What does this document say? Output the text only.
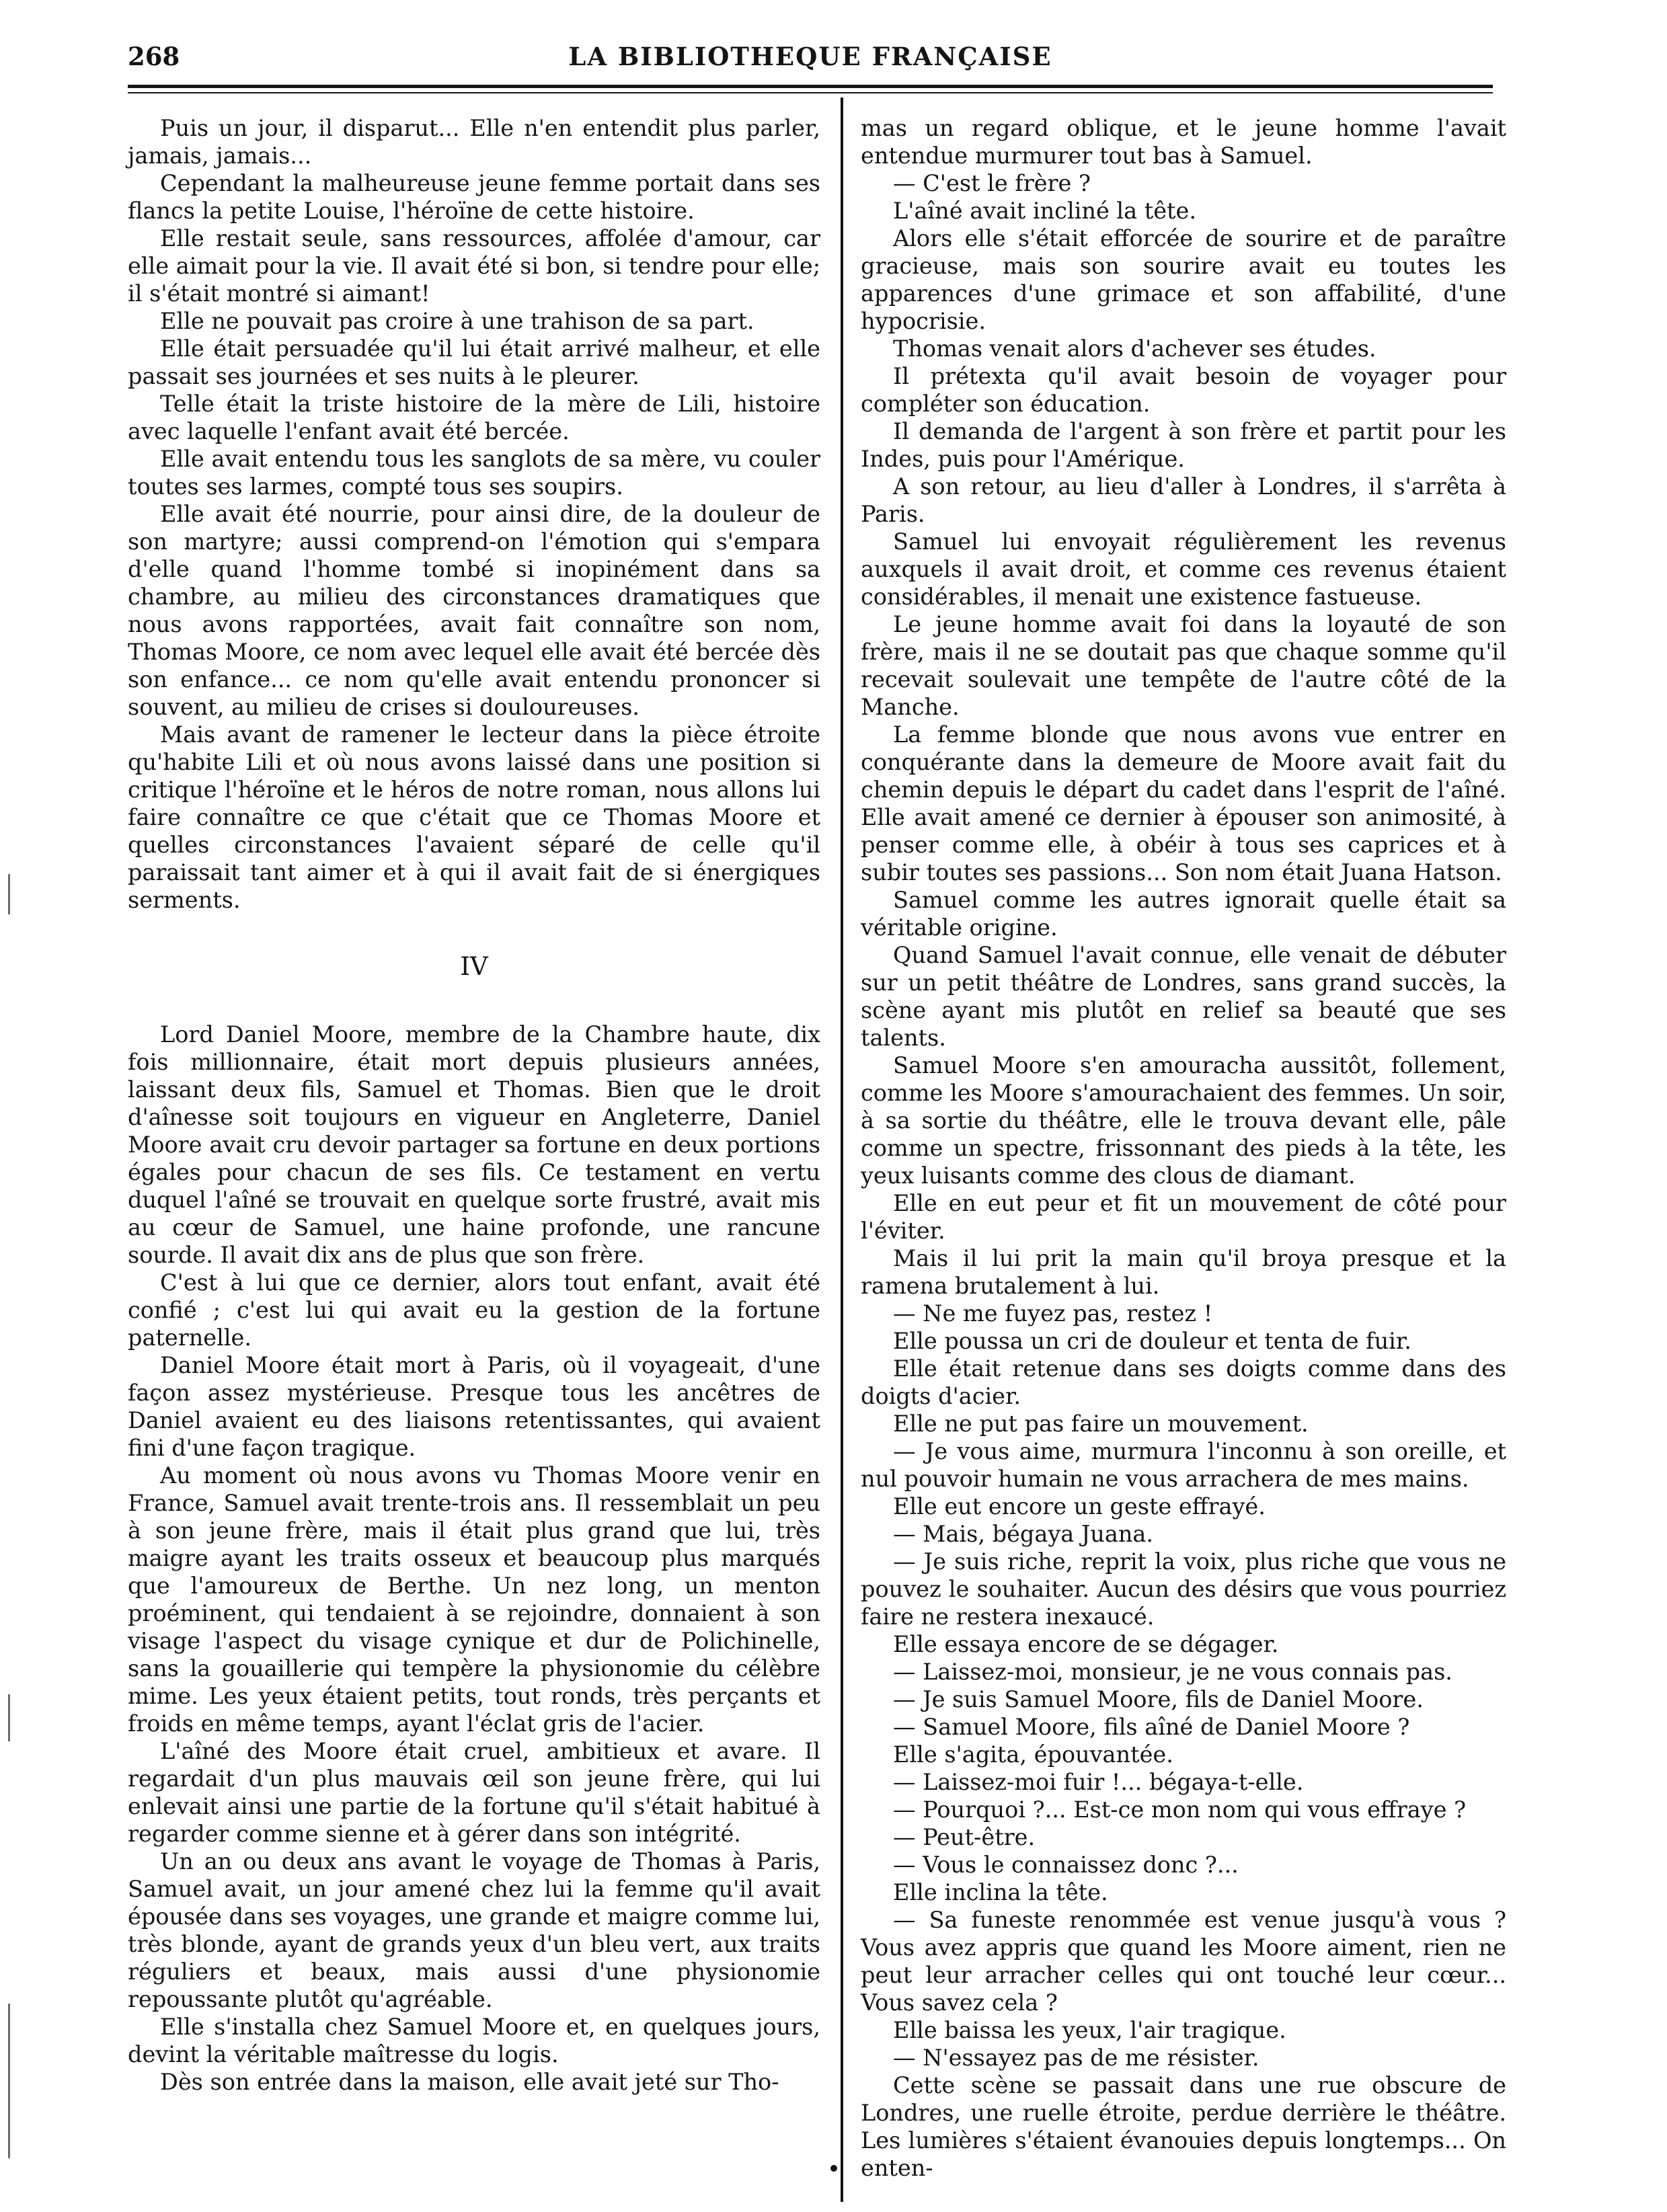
268	LA BIBLIOTHEQUE FRANÇAISE

Puis un jour, il disparut... Elle n'en entendit plus parler, jamais, jamais...

Cependant la malheureuse jeune femme portait dans ses flancs la petite Louise, l'héroïne de cette histoire.

Elle restait seule, sans ressources, affolée d'amour, car elle aimait pour la vie. Il avait été si bon, si tendre pour elle; il s'était montré si aimant!

Elle ne pouvait pas croire à une trahison de sa part.

Elle était persuadée qu'il lui était arrivé malheur, et elle passait ses journées et ses nuits à le pleurer.

Telle était la triste histoire de la mère de Lili, histoire avec laquelle l'enfant avait été bercée.

Elle avait entendu tous les sanglots de sa mère, vu couler toutes ses larmes, compté tous ses soupirs.

Elle avait été nourrie, pour ainsi dire, de la douleur de son martyre; aussi comprend-on l'émotion qui s'empara d'elle quand l'homme tombé si inopinément dans sa chambre, au milieu des circonstances dramatiques que nous avons rapportées, avait fait connaître son nom, Thomas Moore, ce nom avec lequel elle avait été bercée dès son enfance... ce nom qu'elle avait entendu prononcer si souvent, au milieu de crises si douloureuses.

Mais avant de ramener le lecteur dans la pièce étroite qu'habite Lili et où nous avons laissé dans une position si critique l'héroïne et le héros de notre roman, nous allons lui faire connaître ce que c'était que ce Thomas Moore et quelles circonstances l'avaient séparé de celle qu'il paraissait tant aimer et à qui il avait fait de si énergiques serments.

IV

Lord Daniel Moore, membre de la Chambre haute, dix fois millionnaire, était mort depuis plusieurs années, laissant deux fils, Samuel et Thomas. Bien que le droit d'aînesse soit toujours en vigueur en Angleterre, Daniel Moore avait cru devoir partager sa fortune en deux portions égales pour chacun de ses fils. Ce testament en vertu duquel l'aîné se trouvait en quelque sorte frustré, avait mis au cœur de Samuel, une haine profonde, une rancune sourde. Il avait dix ans de plus que son frère.

C'est à lui que ce dernier, alors tout enfant, avait été confié ; c'est lui qui avait eu la gestion de la fortune paternelle.

Daniel Moore était mort à Paris, où il voyageait, d'une façon assez mystérieuse. Presque tous les ancêtres de Daniel avaient eu des liaisons retentissantes, qui avaient fini d'une façon tragique.

Au moment où nous avons vu Thomas Moore venir en France, Samuel avait trente-trois ans. Il ressemblait un peu à son jeune frère, mais il était plus grand que lui, très maigre ayant les traits osseux et beaucoup plus marqués que l'amoureux de Berthe. Un nez long, un menton proéminent, qui tendaient à se rejoindre, donnaient à son visage l'aspect du visage cynique et dur de Polichinelle, sans la gouaillerie qui tempère la physionomie du célèbre mime. Les yeux étaient petits, tout ronds, très perçants et froids en même temps, ayant l'éclat gris de l'acier.

L'aîné des Moore était cruel, ambitieux et avare. Il regardait d'un plus mauvais œil son jeune frère, qui lui enlevait ainsi une partie de la fortune qu'il s'était habitué à regarder comme sienne et à gérer dans son intégrité.

Un an ou deux ans avant le voyage de Thomas à Paris, Samuel avait, un jour amené chez lui la femme qu'il avait épousée dans ses voyages, une grande et maigre comme lui, très blonde, ayant de grands yeux d'un bleu vert, aux traits réguliers et beaux, mais aussi d'une physionomie repoussante plutôt qu'agréable.

Elle s'installa chez Samuel Moore et, en quelques jours, devint la véritable maîtresse du logis.

Dès son entrée dans la maison, elle avait jeté sur Tho-

mas un regard oblique, et le jeune homme l'avait entendue murmurer tout bas à Samuel.

— C'est le frère ?

L'aîné avait incliné la tête.

Alors elle s'était efforcée de sourire et de paraître gracieuse, mais son sourire avait eu toutes les apparences d'une grimace et son affabilité, d'une hypocrisie.

Thomas venait alors d'achever ses études.

Il prétexta qu'il avait besoin de voyager pour compléter son éducation.

Il demanda de l'argent à son frère et partit pour les Indes, puis pour l'Amérique.

A son retour, au lieu d'aller à Londres, il s'arrêta à Paris.

Samuel lui envoyait régulièrement les revenus auxquels il avait droit, et comme ces revenus étaient considérables, il menait une existence fastueuse.

Le jeune homme avait foi dans la loyauté de son frère, mais il ne se doutait pas que chaque somme qu'il recevait soulevait une tempête de l'autre côté de la Manche.

La femme blonde que nous avons vue entrer en conquérante dans la demeure de Moore avait fait du chemin depuis le départ du cadet dans l'esprit de l'aîné. Elle avait amené ce dernier à épouser son animosité, à penser comme elle, à obéir à tous ses caprices et à subir toutes ses passions... Son nom était Juana Hatson.

Samuel comme les autres ignorait quelle était sa véritable origine.

Quand Samuel l'avait connue, elle venait de débuter sur un petit théâtre de Londres, sans grand succès, la scène ayant mis plutôt en relief sa beauté que ses talents.

Samuel Moore s'en amouracha aussitôt, follement, comme les Moore s'amourachaient des femmes. Un soir, à sa sortie du théâtre, elle le trouva devant elle, pâle comme un spectre, frissonnant des pieds à la tête, les yeux luisants comme des clous de diamant.

Elle en eut peur et fit un mouvement de côté pour l'éviter.

Mais il lui prit la main qu'il broya presque et la ramena brutalement à lui.

— Ne me fuyez pas, restez !

Elle poussa un cri de douleur et tenta de fuir.

Elle était retenue dans ses doigts comme dans des doigts d'acier.

Elle ne put pas faire un mouvement.

— Je vous aime, murmura l'inconnu à son oreille, et nul pouvoir humain ne vous arrachera de mes mains.

Elle eut encore un geste effrayé.

— Mais, bégaya Juana.

— Je suis riche, reprit la voix, plus riche que vous ne pouvez le souhaiter. Aucun des désirs que vous pourriez faire ne restera inexaucé.

Elle essaya encore de se dégager.

— Laissez-moi, monsieur, je ne vous connais pas.

— Je suis Samuel Moore, fils de Daniel Moore.

— Samuel Moore, fils aîné de Daniel Moore ?

Elle s'agita, épouvantée.

— Laissez-moi fuir !... bégaya-t-elle.

— Pourquoi ?... Est-ce mon nom qui vous effraye ?

— Peut-être.

— Vous le connaissez donc ?...

Elle inclina la tête.

— Sa funeste renommée est venue jusqu'à vous ? Vous avez appris que quand les Moore aiment, rien ne peut leur arracher celles qui ont touché leur cœur... Vous savez cela ?

Elle baissa les yeux, l'air tragique.

— N'essayez pas de me résister.

Cette scène se passait dans une rue obscure de Londres, une ruelle étroite, perdue derrière le théâtre. Les lumières s'étaient évanouies depuis longtemps... On enten-
